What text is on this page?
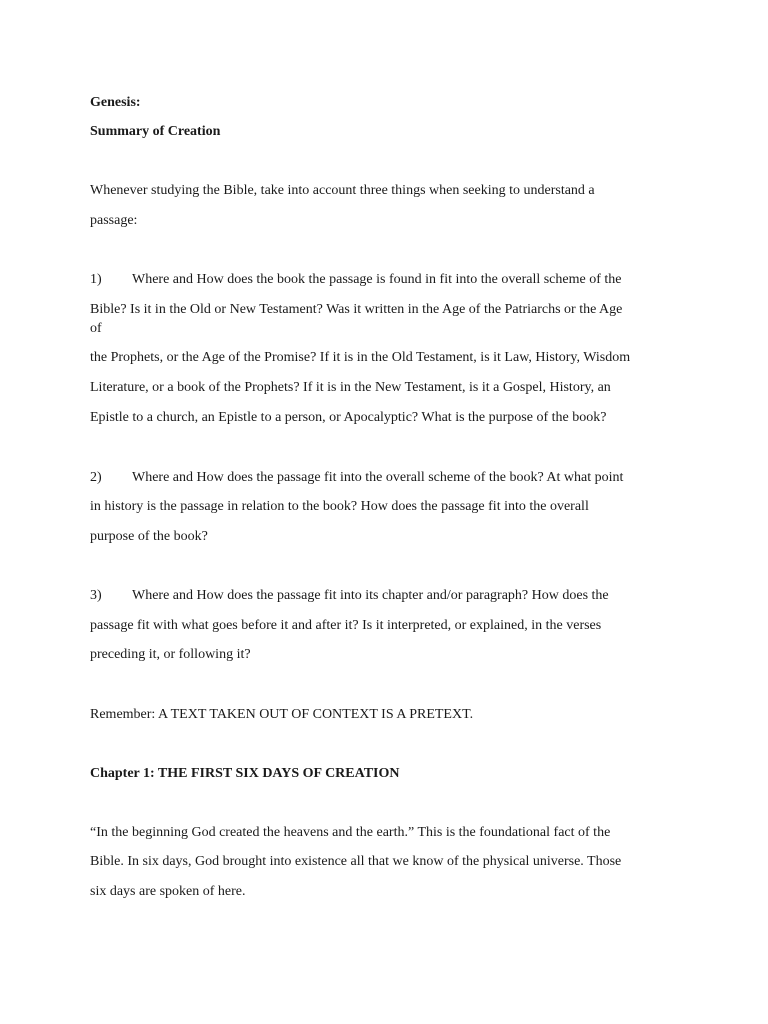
Genesis:
Summary of Creation
Whenever studying the Bible, take into account three things when seeking to understand a
passage:
1) Where and How does the book the passage is found in fit into the overall scheme of the
Bible? Is it in the Old or New Testament? Was it written in the Age of the Patriarchs or the Age
of
the Prophets, or the Age of the Promise? If it is in the Old Testament, is it Law, History, Wisdom
Literature, or a book of the Prophets? If it is in the New Testament, is it a Gospel, History, an
Epistle to a church, an Epistle to a person, or Apocalyptic? What is the purpose of the book?
2) Where and How does the passage fit into the overall scheme of the book? At what point
in history is the passage in relation to the book? How does the passage fit into the overall
purpose of the book?
3) Where and How does the passage fit into its chapter and/or paragraph? How does the
passage fit with what goes before it and after it? Is it interpreted, or explained, in the verses
preceding it, or following it?
Remember: A TEXT TAKEN OUT OF CONTEXT IS A PRETEXT.
Chapter 1: THE FIRST SIX DAYS OF CREATION
“In the beginning God created the heavens and the earth.” This is the foundational fact of the
Bible. In six days, God brought into existence all that we know of the physical universe. Those
six days are spoken of here.
